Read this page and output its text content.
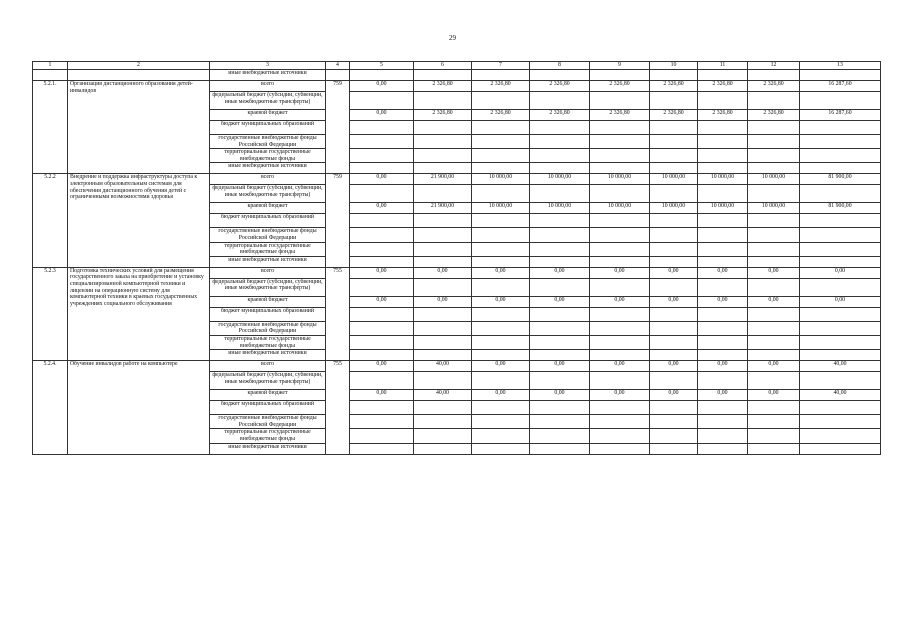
29
1	2	3	4	5	6	7	8	9	10	11	12	13
		иные внебюджетные источники										
5.2.1.	Организация дистанционного образования детей-инвалидов	всего	759	0,00	2 326,80	2 326,80	2 326,80	2 326,80	2 326,80	2 326,80	2 326,80	16 287,60
		федеральный бюджет (субсидии, субвенции, иные межбюджетные трансферты)										
		краевой бюджет		0,00	2 326,80	2 326,80	2 326,80	2 326,80	2 326,80	2 326,80	2 326,80	16 287,60
		бюджет муниципальных образований										
		государственные внебюджетные фонды Российской Федерации										
		территориальные государственные внебюджетные фонды										
		иные внебюджетные источники										
5.2.2	Внедрение и поддержка инфраструктуры доступа к электронным образовательным системам для обеспечения дистанционного обучения детей с ограниченными возможностями здоровья	всего	759	0,00	21 900,00	10 000,00	10 000,00	10 000,00	10 000,00	10 000,00	10 000,00	81 900,00
		федеральный бюджет (субсидии, субвенции, иные межбюджетные трансферты)										
		краевой бюджет		0,00	21 900,00	10 000,00	10 000,00	10 000,00	10 000,00	10 000,00	10 000,00	81 900,00
		бюджет муниципальных образований										
		государственные внебюджетные фонды Российской Федерации										
		территориальные государственные внебюджетные фонды										
		иные внебюджетные источники										
5.2.3	Подготовка технических условий для размещения государственного заказа на приобретение и установку специализированной компьютерной техники и лицензии на операционную систему для компьютерной техники в краевых государственных учреждениях социального обслуживания	всего	755	0,00	0,00	0,00	0,00	0,00	0,00	0,00	0,00	0,00
		федеральный бюджет (субсидии, субвенции, иные межбюджетные трансферты)										
		краевой бюджет		0,00	0,00	0,00	0,00	0,00	0,00	0,00	0,00	0,00
		бюджет муниципальных образований										
		государственные внебюджетные фонды Российской Федерации										
		территориальные государственные внебюджетные фонды										
		иные внебюджетные источники										
5.2.4.	Обучение инвалидов работе на компьютере	всего	755	0,00	40,00	0,00	0,00	0,00	0,00	0,00	0,00	40,00
		федеральный бюджет (субсидии, субвенции, иные межбюджетные трансферты)										
		краевой бюджет		0,00	40,00	0,00	0,00	0,00	0,00	0,00	0,00	40,00
		бюджет муниципальных образований										
		государственные внебюджетные фонды Российской Федерации										
		территориальные государственные внебюджетные фонды										
		иные внебюджетные источники										
